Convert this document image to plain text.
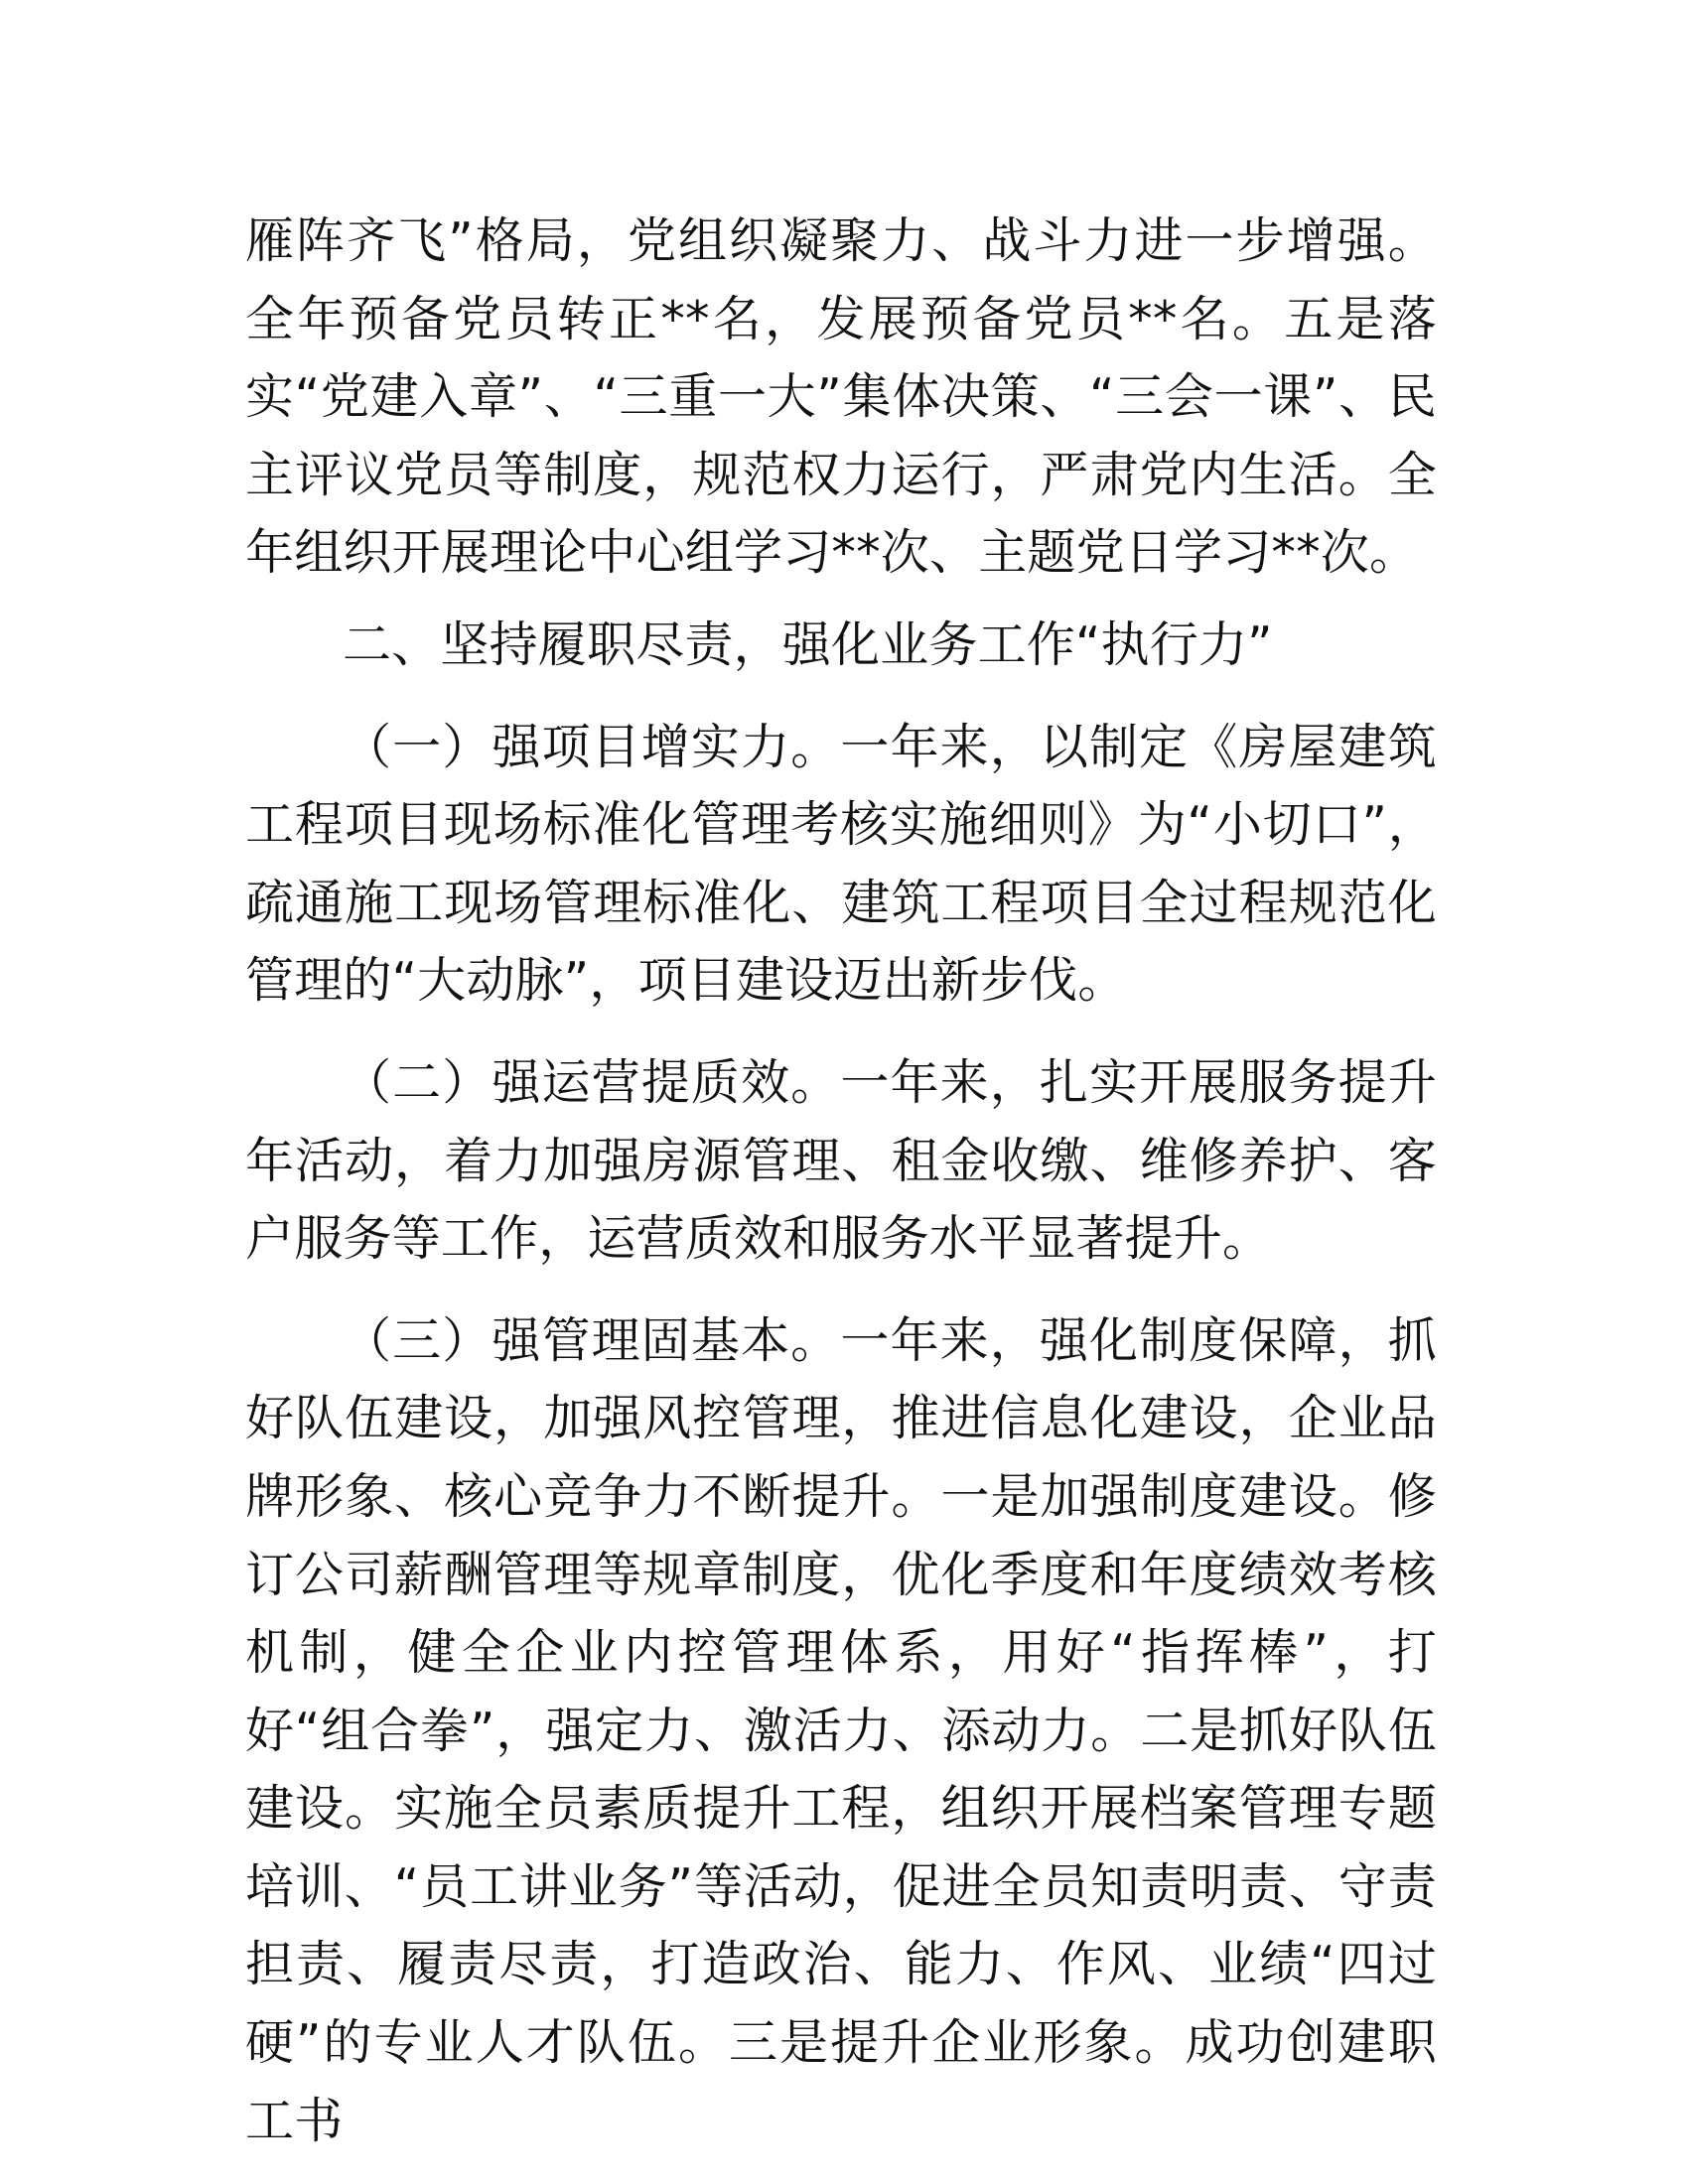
雁阵齐飞”格局，党组织凝聚力、战斗力进一步增强。全年预备党员转正**名，发展预备党员**名。五是落实“党建入章”、“三重一大”集体决策、“三会一课”、民主评议党员等制度，规范权力运行，严肃党内生活。全年组织开展理论中心组学习**次、主题党日学习**次。

二、坚持履职尽责，强化业务工作“执行力”

（一）强项目增实力。一年来，以制定《房屋建筑工程项目现场标准化管理考核实施细则》为“小切口”，疏通施工现场管理标准化、建筑工程项目全过程规范化管理的“大动脉”，项目建设迈出新步伐。

（二）强运营提质效。一年来，扎实开展服务提升年活动，着力加强房源管理、租金收缴、维修养护、客户服务等工作，运营质效和服务水平显著提升。

（三）强管理固基本。一年来，强化制度保障，抓好队伍建设，加强风控管理，推进信息化建设，企业品牌形象、核心竞争力不断提升。一是加强制度建设。修订公司薪酬管理等规章制度，优化季度和年度绩效考核机制，健全企业内控管理体系，用好“指挥棒”，打好“组合拳”，强定力、激活力、添动力。二是抓好队伍建设。实施全员素质提升工程，组织开展档案管理专题培训、“员工讲业务”等活动，促进全员知责明责、守责担责、履责尽责，打造政治、能力、作风、业绩“四过硬”的专业人才队伍。三是提升企业形象。成功创建职工书
